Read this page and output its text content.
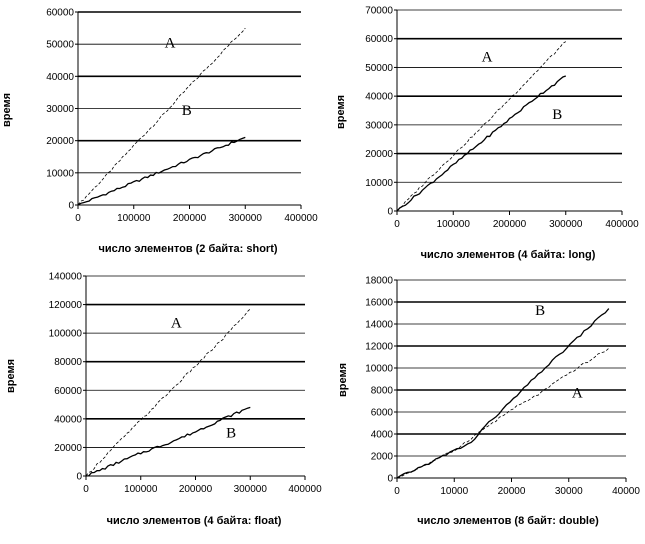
0
10000
20000
30000
40000
50000
60000
0	100000 200000 300000 400000
число элементов (2 байта: short)
время
A
B
0
10000
20000
30000
40000
50000
60000
70000
0	100000 200000 300000 400000
число элементов (4 байта: long)
время
A
B
0
20000
40000
60000
80000
100000
120000
140000
0	100000 200000 300000 400000
число элементов (4 байта: float)
время
A
B
0
2000
4000
6000
8000
10000
12000
14000
16000
18000
0	10000	20000	30000	40000
число элементов (8 байт: double)
время
B
A
